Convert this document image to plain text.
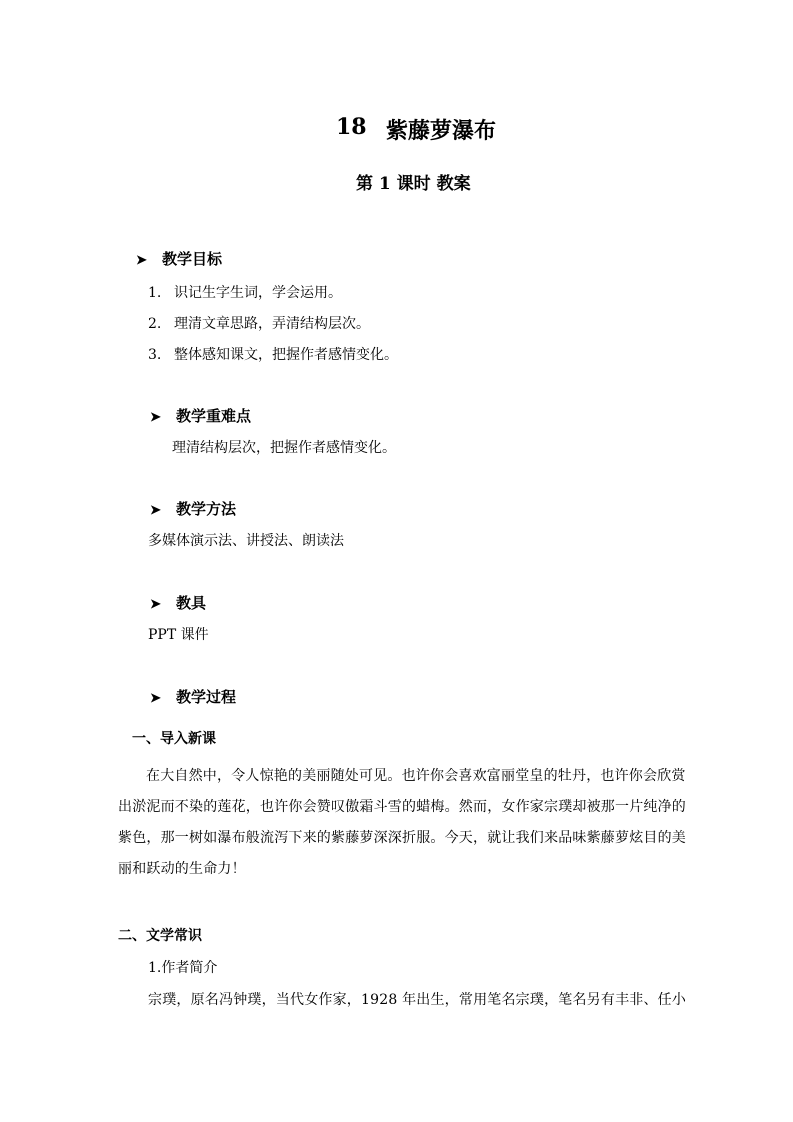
18 紫藤萝瀑布
第 1 课时 教案
➤ 教学目标
1. 识记生字生词，学会运用。
2. 理清文章思路，弄清结构层次。
3. 整体感知课文，把握作者感情变化。
➤ 教学重难点
理清结构层次，把握作者感情变化。
➤ 教学方法
多媒体演示法、讲授法、朗读法
➤ 教具
PPT 课件
➤ 教学过程
一、导入新课
在大自然中，令人惊艳的美丽随处可见。也许你会喜欢富丽堂皇的牡丹，也许你会欣赏出淤泥而不染的莲花，也许你会赞叹傲霜斗雪的蜡梅。然而，女作家宗璞却被那一片纯净的紫色，那一树如瀑布般流泻下来的紫藤萝深深折服。今天，就让我们来品味紫藤萝炫目的美丽和跃动的生命力！
二、文学常识
1.作者简介
宗璞，原名冯钟璞，当代女作家，1928 年出生，常用笔名宗璞，笔名另有丰非、任小
